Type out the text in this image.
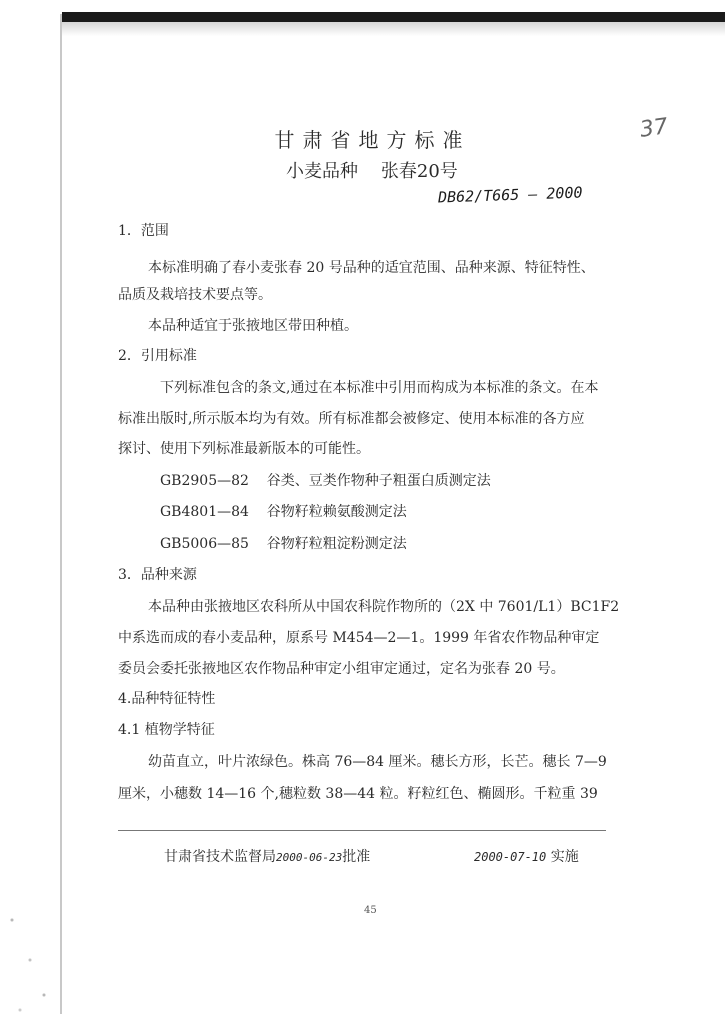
甘肃省地方标准
小麦品种    张春20号
DB62/T665 — 2000
37
1．范围
本标准明确了春小麦张春 20 号品种的适宜范围、品种来源、特征特性、
品质及栽培技术要点等。
本品种适宜于张掖地区带田种植。
2．引用标准
下列标准包含的条文,通过在本标准中引用而构成为本标准的条文。在本
标准出版时,所示版本均为有效。所有标准都会被修定、使用本标准的各方应
探讨、使用下列标准最新版本的可能性。
GB2905—82    谷类、豆类作物种子粗蛋白质测定法
GB4801—84    谷物籽粒赖氨酸测定法
GB5006—85    谷物籽粒粗淀粉测定法
3．品种来源
本品种由张掖地区农科所从中国农科院作物所的（2X 中 7601/L1）BC1F2
中系选而成的春小麦品种，原系号 M454—2—1。1999 年省农作物品种审定
委员会委托张掖地区农作物品种审定小组审定通过，定名为张春 20 号。
4.品种特征特性
4.1 植物学特征
幼苗直立，叶片浓绿色。株高 76—84 厘米。穗长方形，长芒。穗长 7—9
厘米，小穗数 14—16 个,穗粒数 38—44 粒。籽粒红色、椭圆形。千粒重 39
甘肃省技术监督局2000-06-23批准	2000-07-10 实施
45
